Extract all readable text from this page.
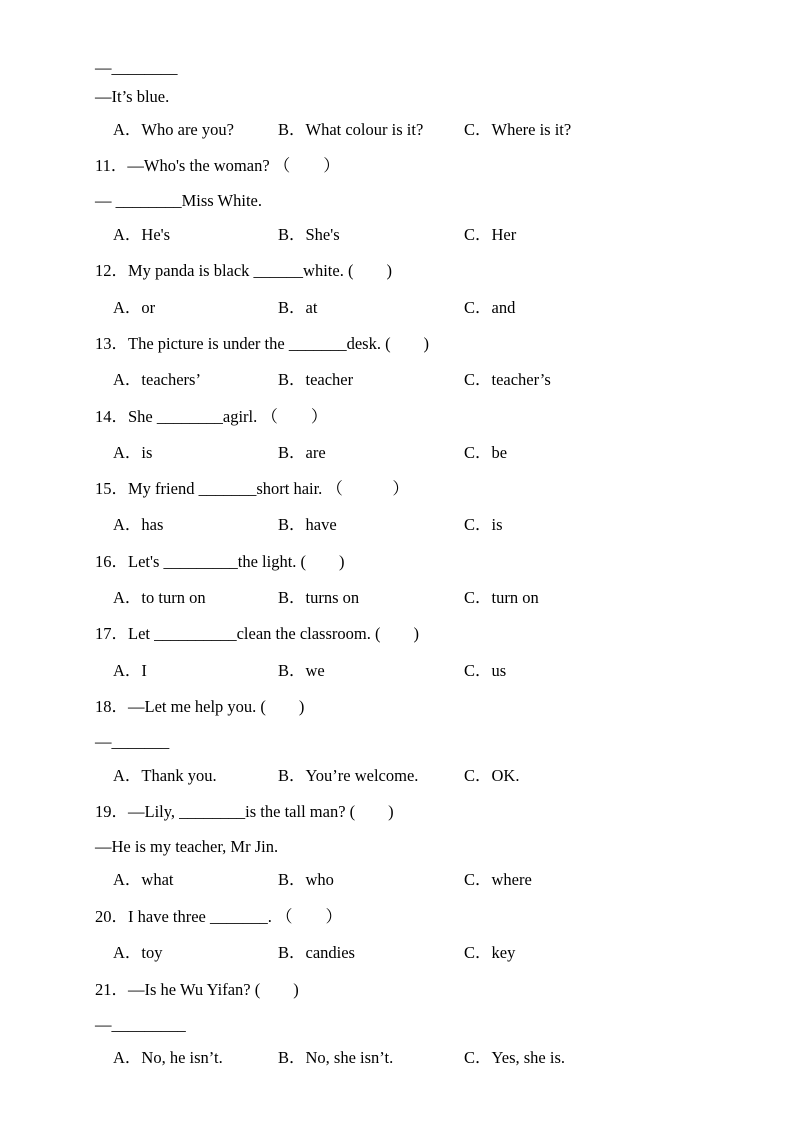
—________
—It’s blue.
A．Who are you?	B．What colour is it? C．Where is it?
11．—Who's the woman? （　　）
— ________Miss White.
A．He's	B．She's	C．Her
12．My panda is black ______white. (　　)
A．or	B．at	C．and
13．The picture is under the _______desk. (　　)
A．teachers’	B．teacher	C．teacher’s
14．She ________agirl. （　　）
A．is	B．are	C．be
15．My friend _______short hair. （　　　）
A．has	B．have	C．is
16．Let's _________the light. (　　)
A．to turn on	B．turns on	C．turn on
17．Let __________clean the classroom. (　　)
A．I	B．we	C．us
18．—Let me help you. (　　)
—_______
A．Thank you.	B．You’re welcome.	C．OK.
19．—Lily, ________is the tall man? (　　)
—He is my teacher, Mr Jin.
A．what	B．who	C．where
20．I have three _______. （　　）
A．toy	B．candies	C．key
21．—Is he Wu Yifan? (　　)
—_________
A．No, he isn’t.	B．No, she isn’t.	C．Yes, she is.
